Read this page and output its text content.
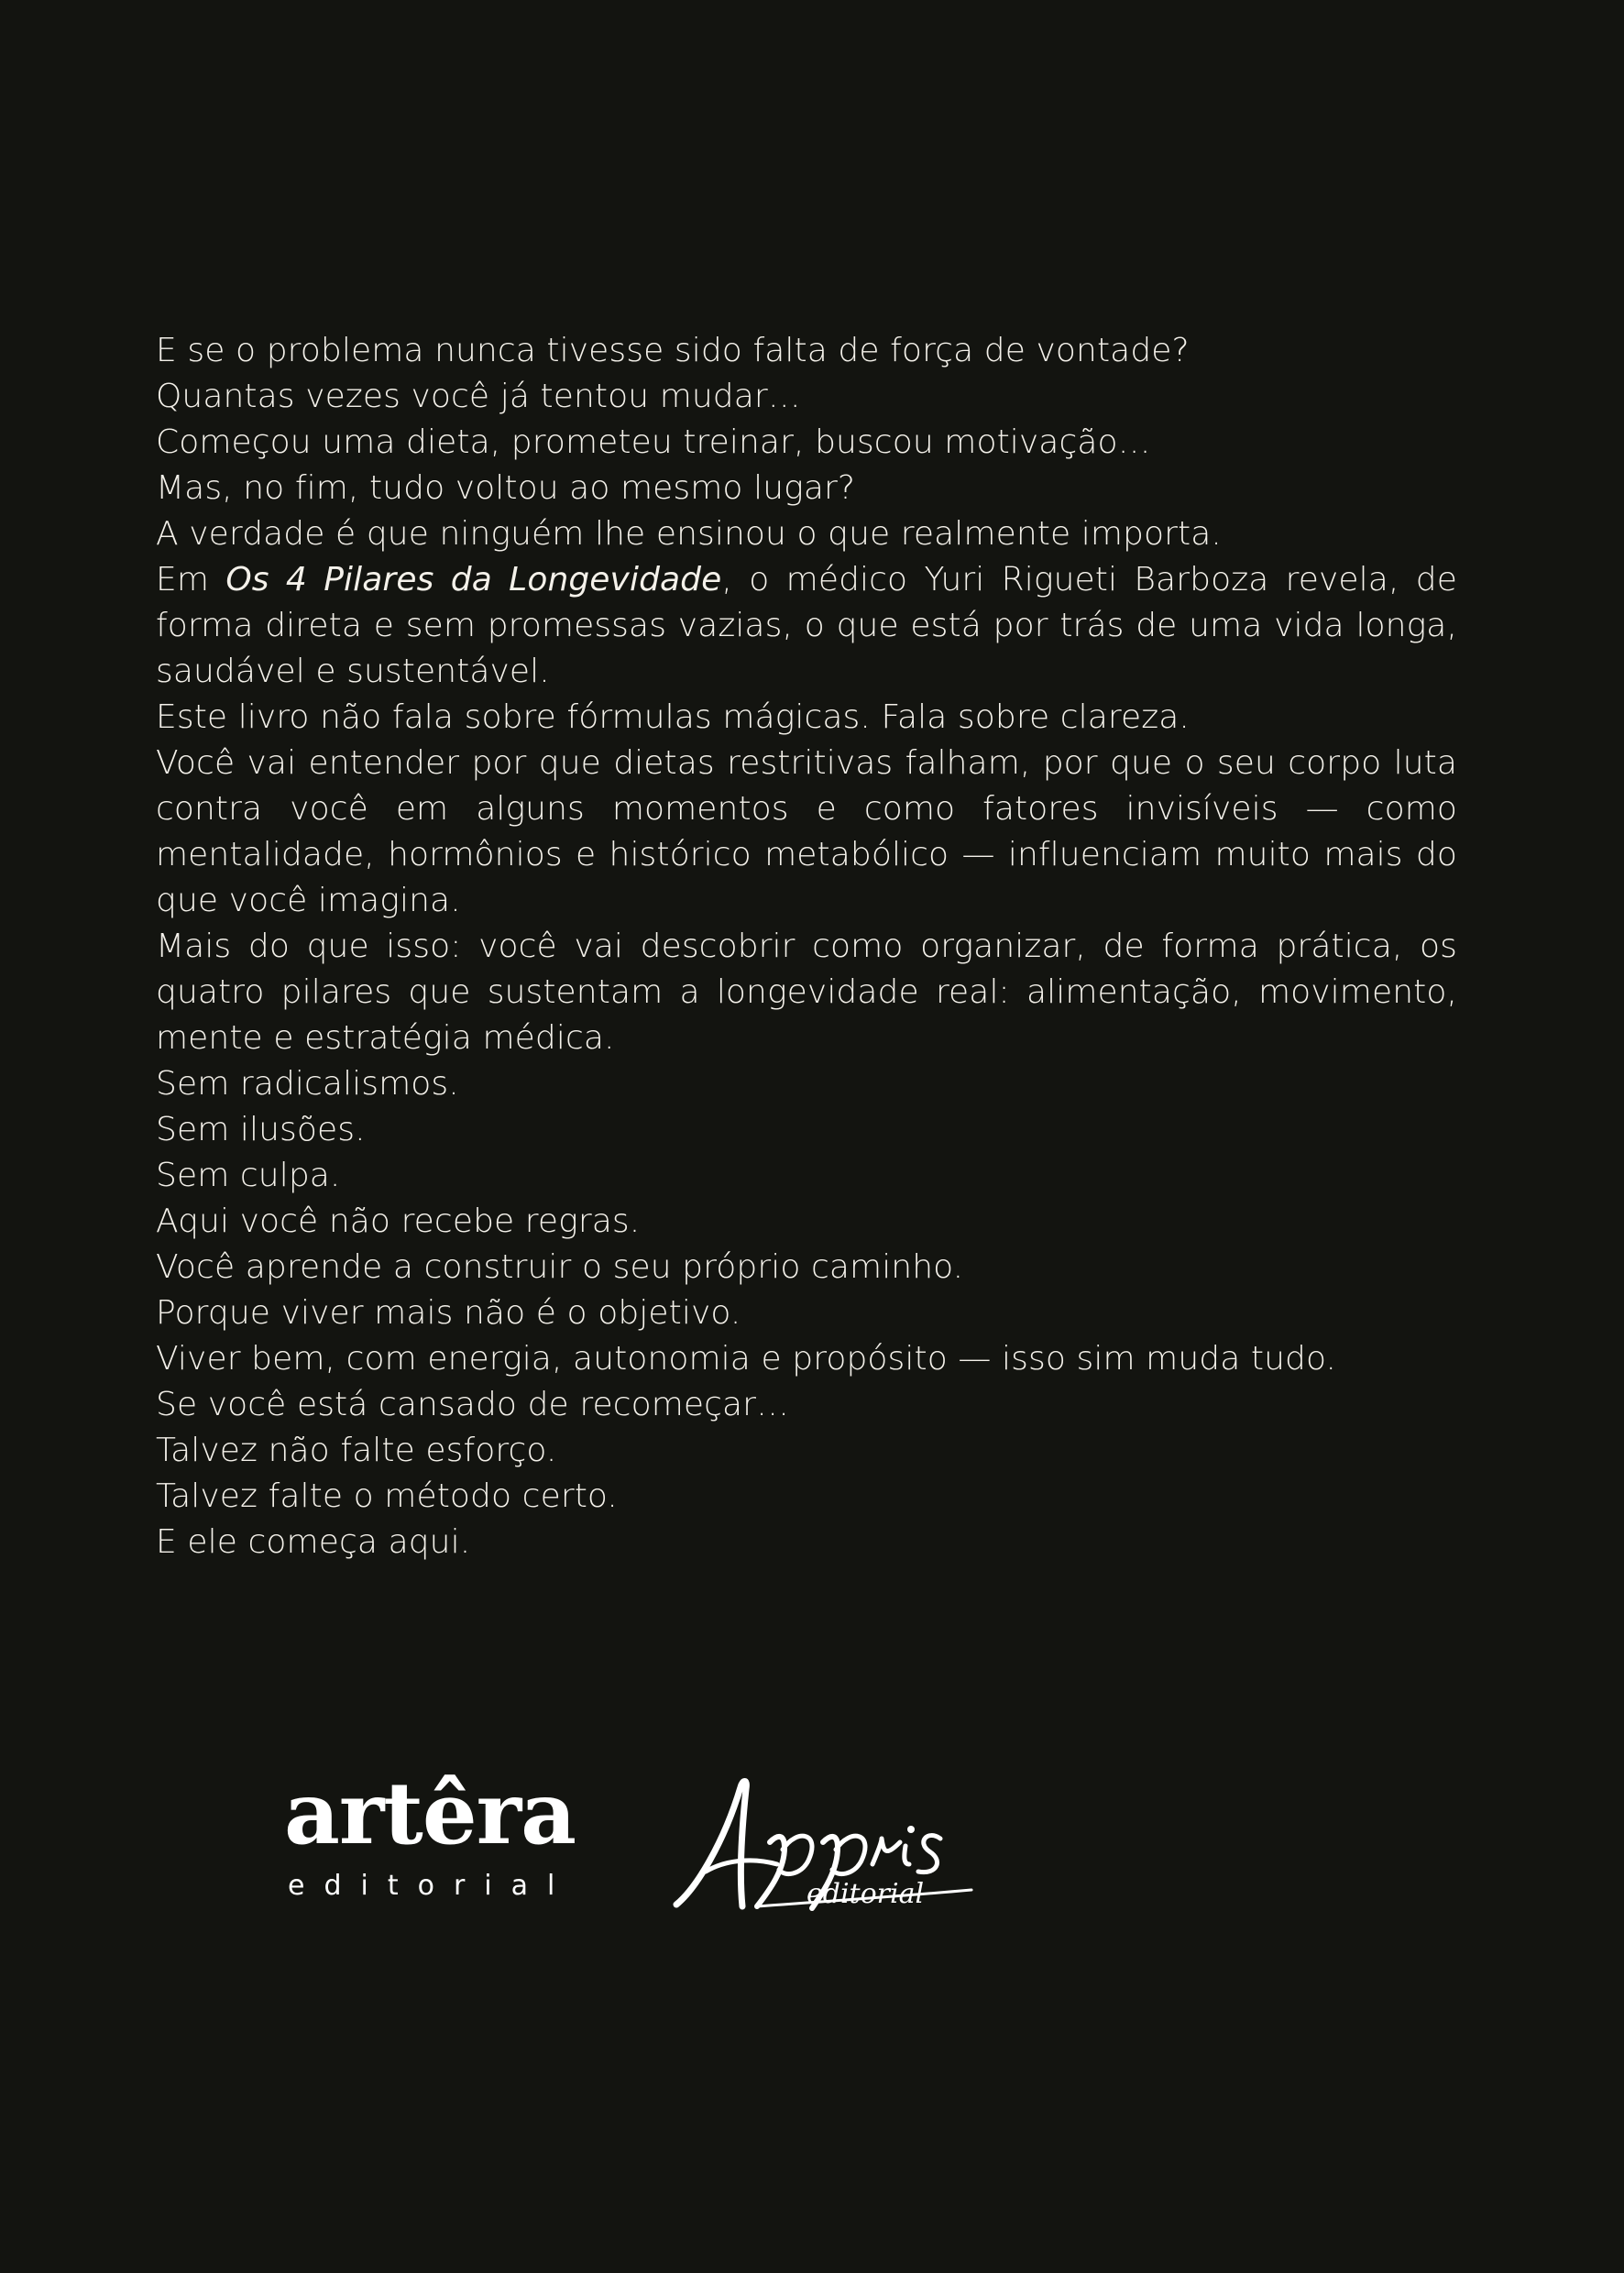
E se o problema nunca tivesse sido falta de força de vontade?
Quantas vezes você já tentou mudar…
Começou uma dieta, prometeu treinar, buscou motivação…
Mas, no fim, tudo voltou ao mesmo lugar?
A verdade é que ninguém lhe ensinou o que realmente importa.
Em Os 4 Pilares da Longevidade, o médico Yuri Rigueti Barboza revela, de forma direta e sem promessas vazias, o que está por trás de uma vida longa, saudável e sustentável.
Este livro não fala sobre fórmulas mágicas. Fala sobre clareza.
Você vai entender por que dietas restritivas falham, por que o seu corpo luta contra você em alguns momentos e como fatores invisíveis — como mentalidade, hormônios e histórico metabólico — influenciam muito mais do que você imagina.
Mais do que isso: você vai descobrir como organizar, de forma prática, os quatro pilares que sustentam a longevidade real: alimentação, movimento, mente e estratégia médica.
Sem radicalismos.
Sem ilusões.
Sem culpa.
Aqui você não recebe regras.
Você aprende a construir o seu próprio caminho.
Porque viver mais não é o objetivo.
Viver bem, com energia, autonomia e propósito — isso sim muda tudo.
Se você está cansado de recomeçar…
Talvez não falte esforço.
Talvez falte o método certo.
E ele começa aqui.
artêra
editorial	editorial
